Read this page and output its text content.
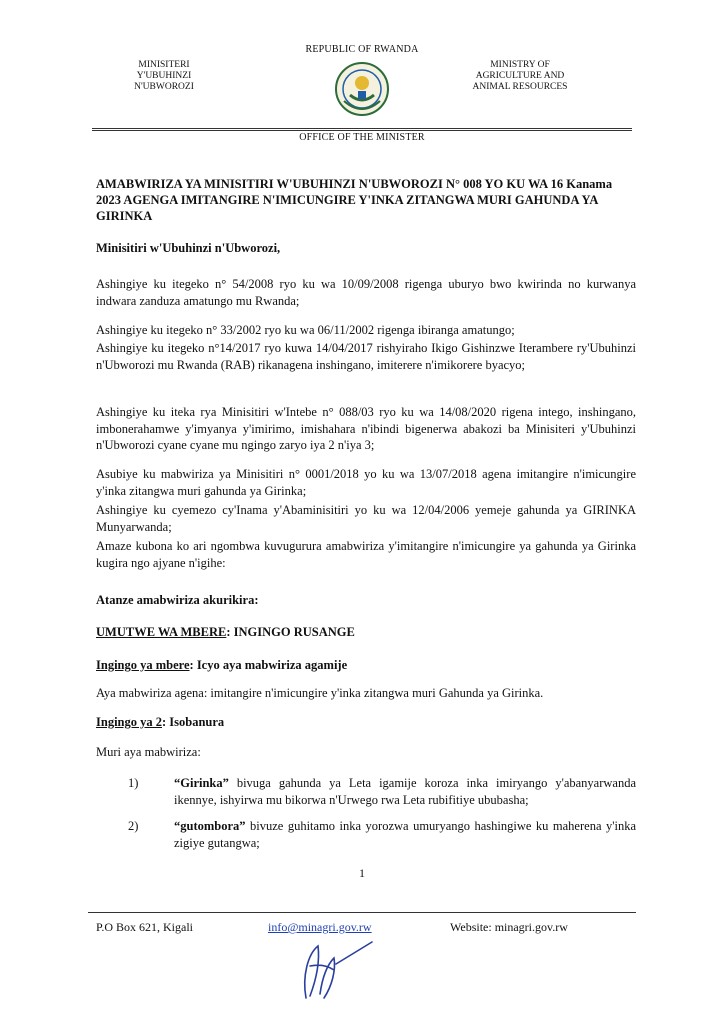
REPUBLIC OF RWANDA
OFFICE OF THE MINISTER
MINISITERI
Y'UBUHINZI
N'UBWOROZI
MINISTRY OF
AGRICULTURE AND
ANIMAL RESOURCES
AMABWIRIZA YA MINISITIRI W'UBUHINZI N'UBWOROZI N° 008 YO KU WA 16 Kanama 2023 AGENGA IMITANGIRE N'IMICUNGIRE Y'INKA ZITANGWA MURI GAHUNDA YA GIRINKA
Minisitiri w'Ubuhinzi n'Ubworozi,
Ashingiye ku itegeko n° 54/2008 ryo ku wa 10/09/2008 rigenga uburyo bwo kwirinda no kurwanya indwara zanduza amatungo mu Rwanda;
Ashingiye ku itegeko n° 33/2002 ryo ku wa 06/11/2002 rigenga ibiranga amatungo;
Ashingiye ku itegeko n°14/2017 ryo kuwa 14/04/2017 rishyiraho Ikigo Gishinzwe Iterambere ry'Ubuhinzi n'Ubworozi mu Rwanda (RAB) rikanagena inshingano, imiterere n'imikorere byacyo;
Ashingiye ku iteka rya Minisitiri w'Intebe n° 088/03 ryo ku wa 14/08/2020 rigena intego, inshingano, imbonerahamwe y'imyanya y'imirimo, imishahara n'ibindi bigenerwa abakozi ba Minisiteri y'Ubuhinzi n'Ubworozi cyane cyane mu ngingo zaryo iya 2 n'iya 3;
Asubiye ku mabwiriza ya Minisitiri n° 0001/2018 yo ku wa 13/07/2018 agena imitangire n'imicungire y'inka zitangwa muri gahunda ya Girinka;
Ashingiye ku cyemezo cy'Inama y'Abaminisitiri yo ku wa 12/04/2006 yemeje gahunda ya GIRINKA Munyarwanda;
Amaze kubona ko ari ngombwa kuvugurura amabwiriza y'imitangire n'imicungire ya gahunda ya Girinka kugira ngo ajyane n'igihe:
Atanze amabwiriza akurikira:
UMUTWE WA MBERE: INGINGO RUSANGE
Ingingo ya mbere: Icyo aya mabwiriza agamije
Aya mabwiriza agena: imitangire n'imicungire y'inka zitangwa muri Gahunda ya Girinka.
Ingingo ya 2: Isobanura
Muri aya mabwiriza:
1)	“Girinka” bivuga gahunda ya Leta igamije koroza inka imiryango y'abanyarwanda ikennye, ishyirwa mu bikorwa n'Urwego rwa Leta rubifitiye ububasha;
2)	“gutombora” bivuze guhitamo inka yorozwa umuryango hashingiwe ku maherena y'inka zigiye gutangwa;
1
P.O Box 621, Kigali	info@minagri.gov.rw	Website: minagri.gov.rw
